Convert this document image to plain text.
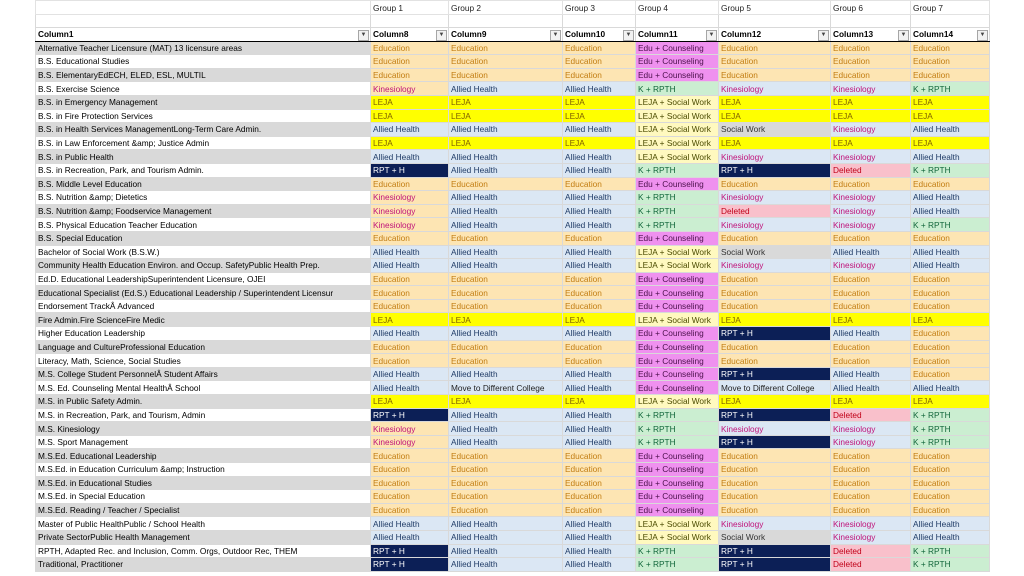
	Group 1	Group 2	Group 3	Group 4	Group 5	Group 6	Group 7

Column1 ▼	Column8 ▼	Column9 ▼	Column10 ▼	Column11 ▼	Column12 ▼	Column13 ▼	Column14 ▼

Alternative Teacher Licensure (MAT) 13 licensure areas	Education	Education	Education	Edu + Counseling	Education	Education	Education
B.S. Educational Studies	Education	Education	Education	Edu + Counseling	Education	Education	Education
B.S. ElementaryEdECH, ELED, ESL, MULTIL	Education	Education	Education	Edu + Counseling	Education	Education	Education
B.S. Exercise Science	Kinesiology	Allied Health	Allied Health	K + RPTH	Kinesiology	Kinesiology	K + RPTH
B.S. in Emergency Management	LEJA	LEJA	LEJA	LEJA + Social Work	LEJA	LEJA	LEJA
B.S. in Fire Protection Services	LEJA	LEJA	LEJA	LEJA + Social Work	LEJA	LEJA	LEJA
B.S. in Health Services ManagementLong-Term Care Admin.	Allied Health	Allied Health	Allied Health	LEJA + Social Work	Social Work	Kinesiology	Allied Health
B.S. in Law Enforcement &amp; Justice Admin	LEJA	LEJA	LEJA	LEJA + Social Work	LEJA	LEJA	LEJA
B.S. in Public Health	Allied Health	Allied Health	Allied Health	LEJA + Social Work	Kinesiology	Kinesiology	Allied Health
B.S. in Recreation, Park, and Tourism Admin.	RPT + H	Allied Health	Allied Health	K + RPTH	RPT + H	Deleted	K + RPTH
B.S. Middle Level Education	Education	Education	Education	Edu + Counseling	Education	Education	Education
B.S. Nutrition &amp; Dietetics	Kinesiology	Allied Health	Allied Health	K + RPTH	Kinesiology	Kinesiology	Allied Health
B.S. Nutrition &amp; Foodservice Management	Kinesiology	Allied Health	Allied Health	K + RPTH	Deleted	Kinesiology	Allied Health
B.S. Physical Education Teacher Education	Kinesiology	Allied Health	Allied Health	K + RPTH	Kinesiology	Kinesiology	K + RPTH
B.S. Special Education	Education	Education	Education	Edu + Counseling	Education	Education	Education
Bachelor of Social Work (B.S.W.)	Allied Health	Allied Health	Allied Health	LEJA + Social Work	Social Work	Allied Health	Allied Health
Community Health Education Environ. and Occup. SafetyPublic Health Prep.	Allied Health	Allied Health	Allied Health	LEJA + Social Work	Kinesiology	Kinesiology	Allied Health
Ed.D. Educational LeadershipSuperintendent Licensure, OJEI	Education	Education	Education	Edu + Counseling	Education	Education	Education
Educational Specialist (Ed.S.) Educational Leadership / Superintendent Licensur	Education	Education	Education	Edu + Counseling	Education	Education	Education
Endorsement TrackÂ Advanced	Education	Education	Education	Edu + Counseling	Education	Education	Education
Fire Admin.Fire ScienceFire Medic	LEJA	LEJA	LEJA	LEJA + Social Work	LEJA	LEJA	LEJA
Higher Education Leadership	Allied Health	Allied Health	Allied Health	Edu + Counseling	RPT + H	Allied Health	Education
Language and CultureProfessional Education	Education	Education	Education	Edu + Counseling	Education	Education	Education
Literacy, Math, Science, Social Studies	Education	Education	Education	Edu + Counseling	Education	Education	Education
M.S. College Student PersonnelÂ Student Affairs	Allied Health	Allied Health	Allied Health	Edu + Counseling	RPT + H	Allied Health	Education
M.S. Ed. Counseling Mental HealthÂ School	Allied Health	Move to Different College	Allied Health	Edu + Counseling	Move to Different College	Allied Health	Allied Health
M.S. in Public Safety Admin.	LEJA	LEJA	LEJA	LEJA + Social Work	LEJA	LEJA	LEJA
M.S. in Recreation, Park, and Tourism, Admin	RPT + H	Allied Health	Allied Health	K + RPTH	RPT + H	Deleted	K + RPTH
M.S. Kinesiology	Kinesiology	Allied Health	Allied Health	K + RPTH	Kinesiology	Kinesiology	K + RPTH
M.S. Sport Management	Kinesiology	Allied Health	Allied Health	K + RPTH	RPT + H	Kinesiology	K + RPTH
M.S.Ed. Educational Leadership	Education	Education	Education	Edu + Counseling	Education	Education	Education
M.S.Ed. in Education Curriculum &amp; Instruction	Education	Education	Education	Edu + Counseling	Education	Education	Education
M.S.Ed. in Educational Studies	Education	Education	Education	Edu + Counseling	Education	Education	Education
M.S.Ed. in Special Education	Education	Education	Education	Edu + Counseling	Education	Education	Education
M.S.Ed. Reading / Teacher / Specialist	Education	Education	Education	Edu + Counseling	Education	Education	Education
Master of Public HealthPublic / School Health	Allied Health	Allied Health	Allied Health	LEJA + Social Work	Kinesiology	Kinesiology	Allied Health
Private SectorPublic Health Management	Allied Health	Allied Health	Allied Health	LEJA + Social Work	Social Work	Kinesiology	Allied Health
RPTH, Adapted Rec. and Inclusion, Comm. Orgs, Outdoor Rec, THEM	RPT + H	Allied Health	Allied Health	K + RPTH	RPT + H	Deleted	K + RPTH
Traditional, Practitioner	RPT + H	Allied Health	Allied Health	K + RPTH	RPT + H	Deleted	K + RPTH
